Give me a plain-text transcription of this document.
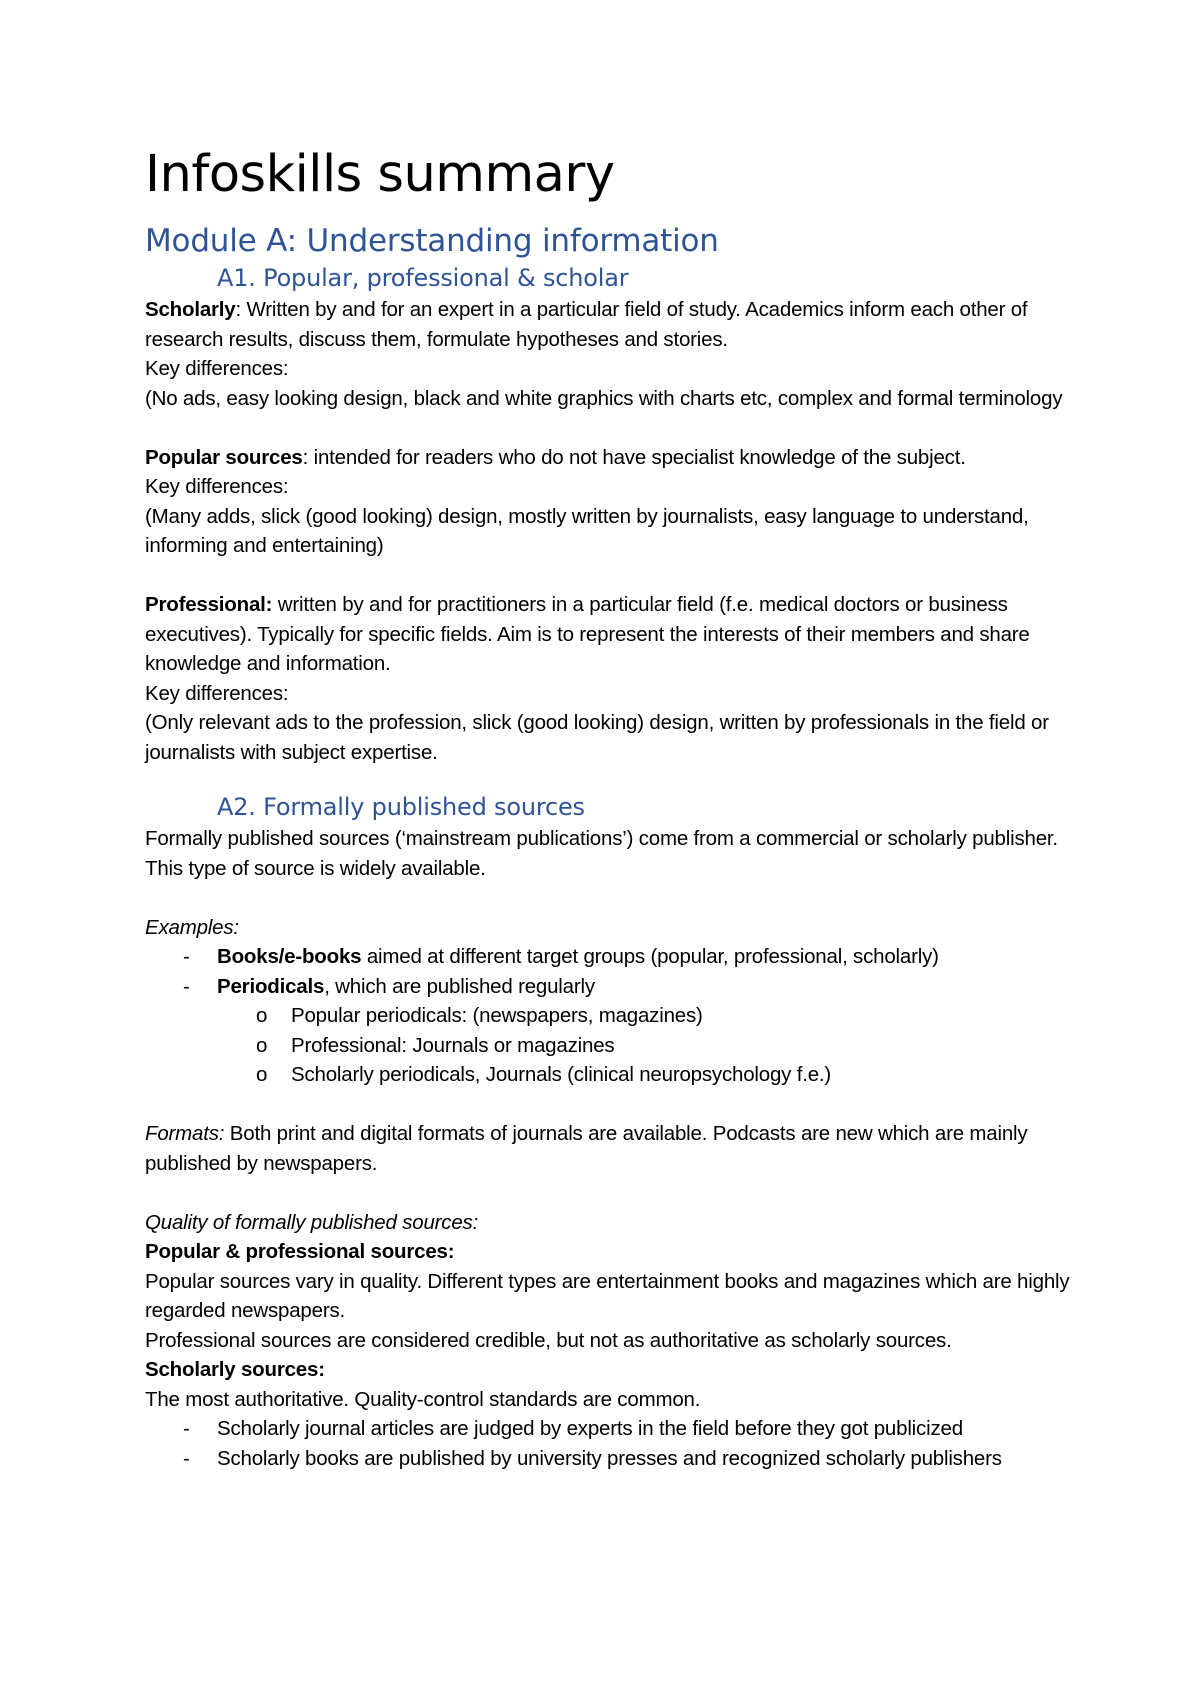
Infoskills summary
Module A: Understanding information
A1. Popular, professional & scholar

Scholarly: Written by and for an expert in a particular field of study. Academics inform each other of research results, discuss them, formulate hypotheses and stories.

Key differences:

(No ads, easy looking design, black and white graphics with charts etc, complex and formal terminology

Popular sources: intended for readers who do not have specialist knowledge of the subject.

Key differences:

(Many adds, slick (good looking) design, mostly written by journalists, easy language to understand, informing and entertaining)

Professional: written by and for practitioners in a particular field (f.e. medical doctors or business executives). Typically for specific fields. Aim is to represent the interests of their members and share knowledge and information.

Key differences:

(Only relevant ads to the profession, slick (good looking) design, written by professionals in the field or journalists with subject expertise.

A2. Formally published sources

Formally published sources (‘mainstream publications’) come from a commercial or scholarly publisher. This type of source is widely available.

Examples:

- Books/e-books aimed at different target groups (popular, professional, scholarly)
- Periodicals, which are published regularly
o Popular periodicals: (newspapers, magazines)
o Professional: Journals or magazines
o Scholarly periodicals, Journals (clinical neuropsychology f.e.)

Formats: Both print and digital formats of journals are available. Podcasts are new which are mainly published by newspapers.

Quality of formally published sources:

Popular & professional sources:

Popular sources vary in quality. Different types are entertainment books and magazines which are highly regarded newspapers.

Professional sources are considered credible, but not as authoritative as scholarly sources.

Scholarly sources:

The most authoritative. Quality-control standards are common.

- Scholarly journal articles are judged by experts in the field before they got publicized
- Scholarly books are published by university presses and recognized scholarly publishers
